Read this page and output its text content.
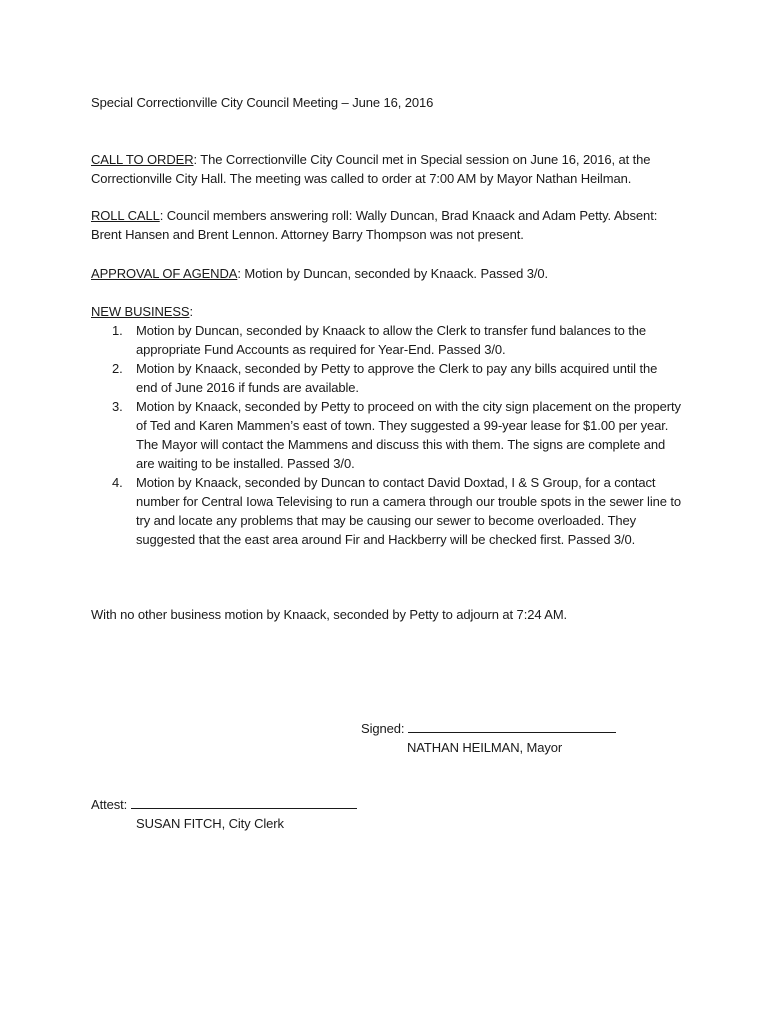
Special Correctionville City Council Meeting – June 16, 2016
CALL TO ORDER: The Correctionville City Council met in Special session on June 16, 2016, at the Correctionville City Hall. The meeting was called to order at 7:00 AM by Mayor Nathan Heilman.
ROLL CALL: Council members answering roll: Wally Duncan, Brad Knaack and Adam Petty. Absent: Brent Hansen and Brent Lennon. Attorney Barry Thompson was not present.
APPROVAL OF AGENDA: Motion by Duncan, seconded by Knaack. Passed 3/0.
NEW BUSINESS:
1. Motion by Duncan, seconded by Knaack to allow the Clerk to transfer fund balances to the appropriate Fund Accounts as required for Year-End. Passed 3/0.
2. Motion by Knaack, seconded by Petty to approve the Clerk to pay any bills acquired until the end of June 2016 if funds are available.
3. Motion by Knaack, seconded by Petty to proceed on with the city sign placement on the property of Ted and Karen Mammen’s east of town. They suggested a 99-year lease for $1.00 per year. The Mayor will contact the Mammens and discuss this with them. The signs are complete and are waiting to be installed. Passed 3/0.
4. Motion by Knaack, seconded by Duncan to contact David Doxtad, I & S Group, for a contact number for Central Iowa Televising to run a camera through our trouble spots in the sewer line to try and locate any problems that may be causing our sewer to become overloaded. They suggested that the east area around Fir and Hackberry will be checked first. Passed 3/0.
With no other business motion by Knaack, seconded by Petty to adjourn at 7:24 AM.
Signed:
NATHAN HEILMAN, Mayor
Attest:
SUSAN FITCH, City Clerk
